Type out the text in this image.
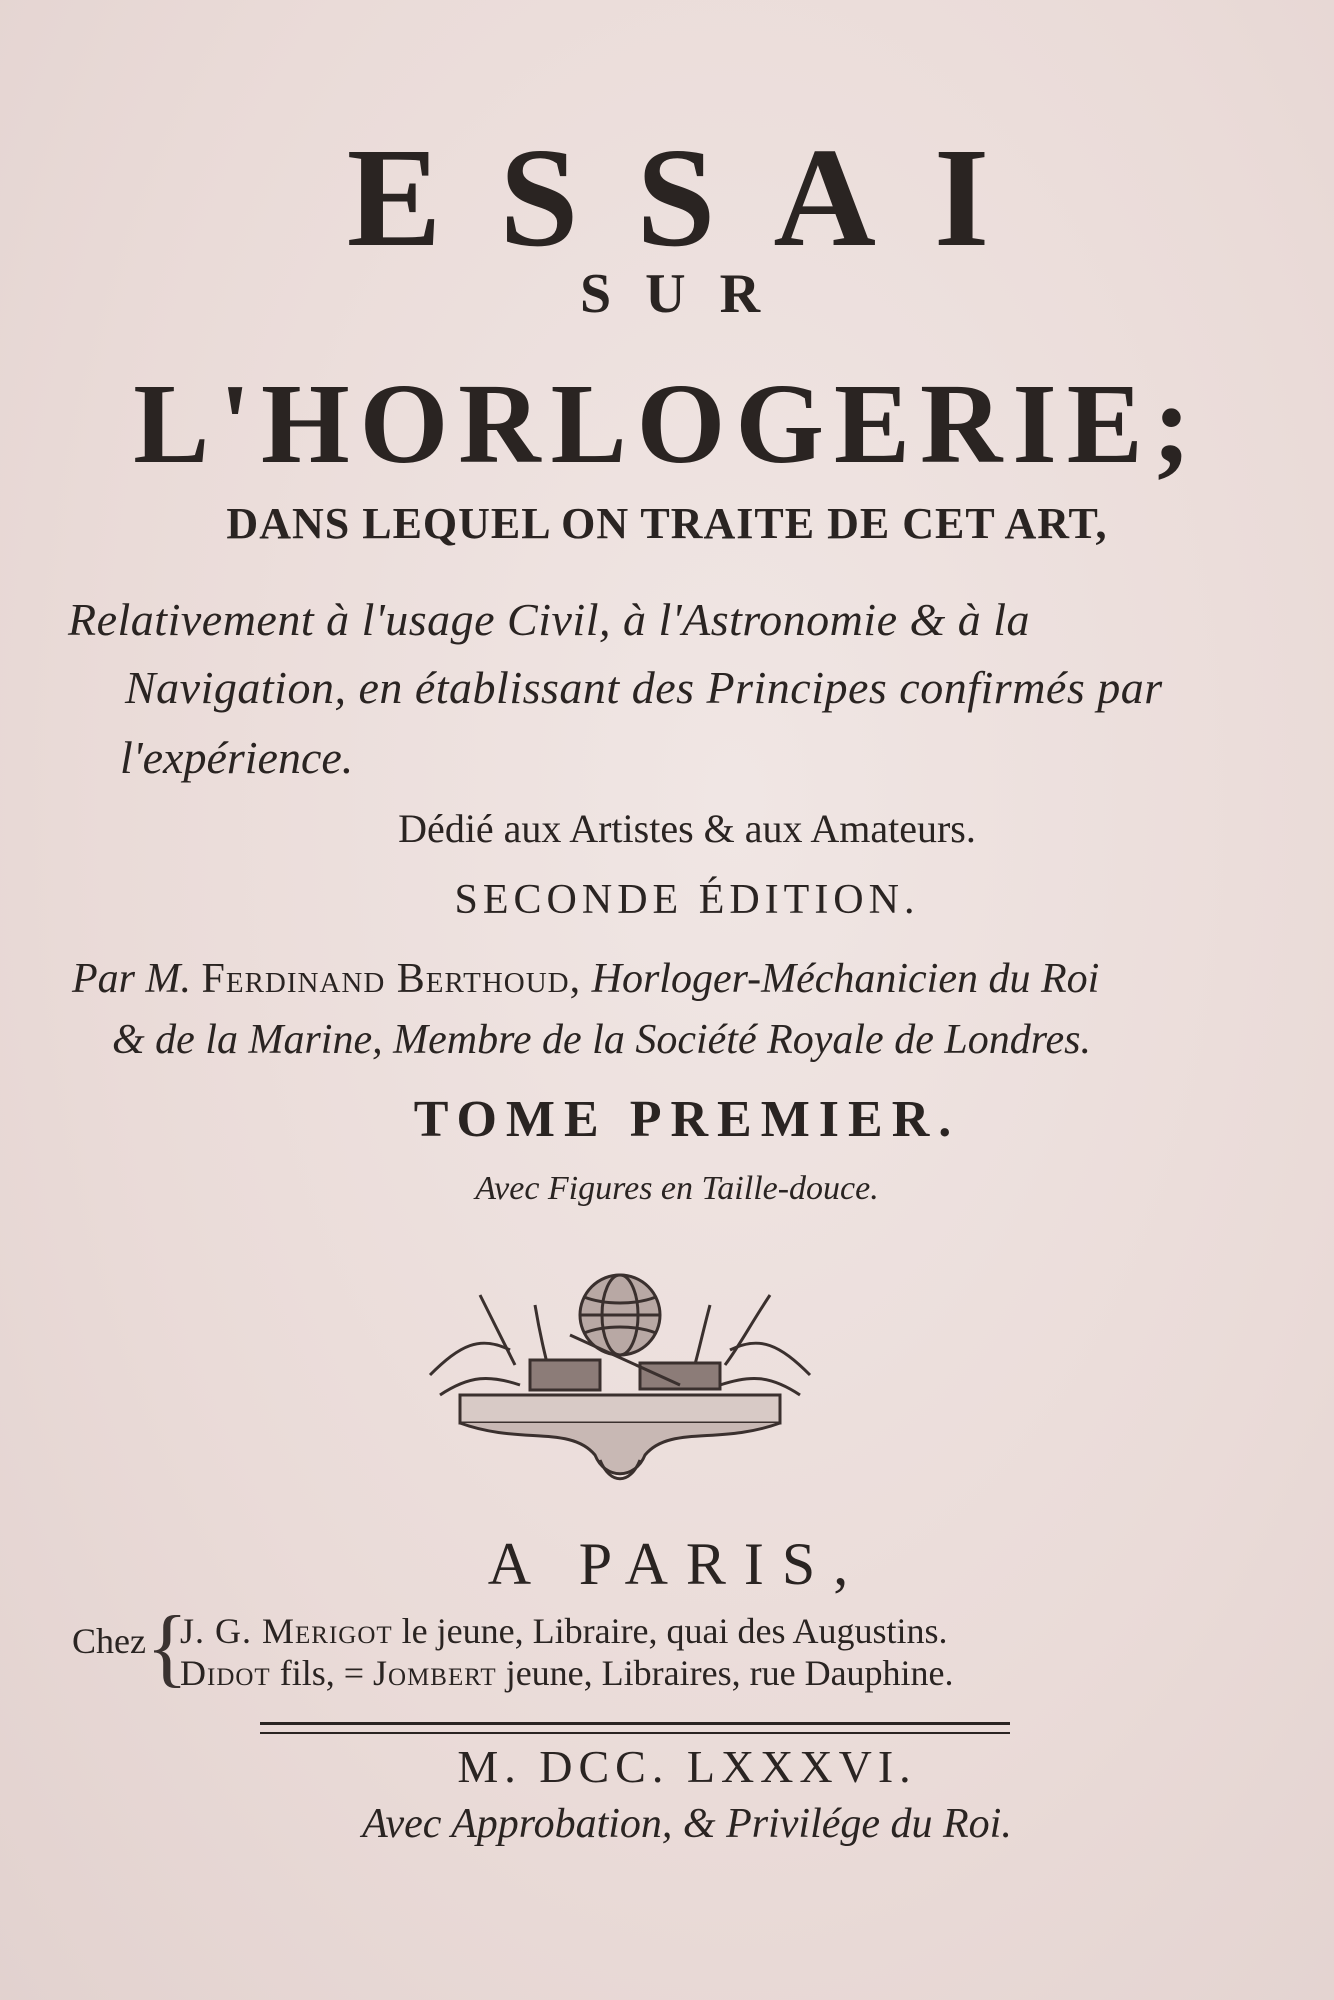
ESSAI
SUR
L'HORLOGERIE;
DANS LEQUEL ON TRAITE DE CET ART,
Relativement à l'usage Civil, à l'Astronomie & à la
Navigation, en établissant des Principes confirmés par
l'expérience.
Dédié aux Artistes & aux Amateurs.
SECONDE ÉDITION.
Par M. Ferdinand Berthoud, Horloger-Méchanicien du Roi
& de la Marine, Membre de la Société Royale de Londres.
TOME PREMIER.
Avec Figures en Taille-douce.
A PARIS,
Chez {
J. G. Merigot le jeune, Libraire, quai des Augustins.
Didot fils, = Jombert jeune, Libraires, rue Dauphine.
M. DCC. LXXXVI.
Avec Approbation, & Privilége du Roi.
